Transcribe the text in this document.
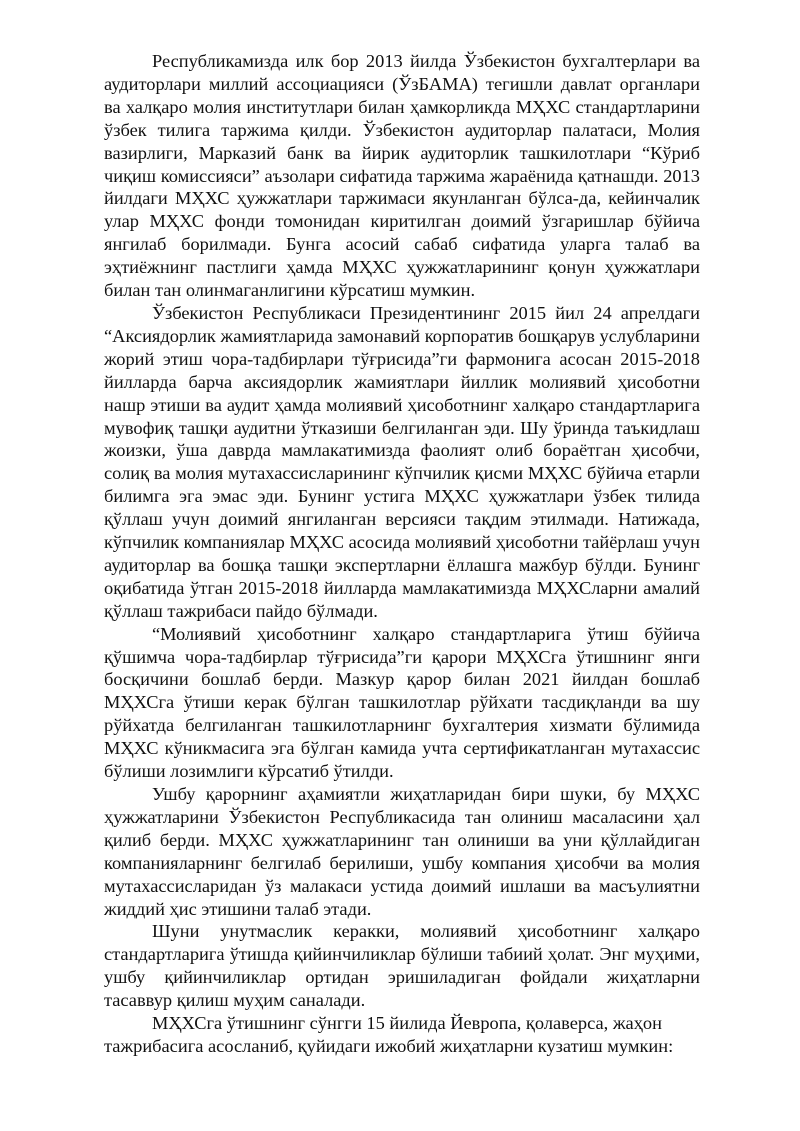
Республикамизда илк бор 2013 йилда Ўзбекистон бухгалтерлари ва аудиторлари миллий ассоциацияси (ЎзБАМА) тегишли давлат органлари ва халқаро молия институтлари билан ҳамкорликда МҲХС стандартларини ўзбек тилига таржима қилди. Ўзбекистон аудиторлар палатаси, Молия вазирлиги, Марказий банк ва йирик аудиторлик ташкилотлари “Кўриб чиқиш комиссияси” аъзолари сифатида таржима жараёнида қатнашди. 2013 йилдаги МҲХС ҳужжатлари таржимаси якунланган бўлса-да, кейинчалик улар МҲХС фонди томонидан киритилган доимий ўзгаришлар бўйича янгилаб борилмади. Бунга асосий сабаб сифатида уларга талаб ва эҳтиёжнинг пастлиги ҳамда МҲХС ҳужжатларининг қонун ҳужжатлари билан тан олинмаганлигини кўрсатиш мумкин.

Ўзбекистон Республикаси Президентининг 2015 йил 24 апрелдаги “Аксиядорлик жамиятларида замонавий корпоратив бошқарув услубларини жорий этиш чора-тадбирлари тўғрисида”ги фармонига асосан 2015-2018 йилларда барча аксиядорлик жамиятлари йиллик молиявий ҳисоботни нашр этиши ва аудит ҳамда молиявий ҳисоботнинг халқаро стандартларига мувофиқ ташқи аудитни ўтказиши белгиланган эди. Шу ўринда таъкидлаш жоизки, ўша даврда мамлакатимизда фаолият олиб бораётган ҳисобчи, солиқ ва молия мутахассисларининг кўпчилик қисми МҲХС бўйича етарли билимга эга эмас эди. Бунинг устига МҲХС ҳужжатлари ўзбек тилида қўллаш учун доимий янгиланган версияси тақдим этилмади. Натижада, кўпчилик компаниялар МҲХС асосида молиявий ҳисоботни тайёрлаш учун аудиторлар ва бошқа ташқи экспертларни ёллашга мажбур бўлди. Бунинг оқибатида ўтган 2015-2018 йилларда мамлакатимизда МҲХСларни амалий қўллаш тажрибаси пайдо бўлмади.

“Молиявий ҳисоботнинг халқаро стандартларига ўтиш бўйича қўшимча чора-тадбирлар тўғрисида”ги қарори МҲХСга ўтишнинг янги босқичини бошлаб берди. Мазкур қарор билан 2021 йилдан бошлаб МҲХСга ўтиши керак бўлган ташкилотлар рўйхати тасдиқланди ва шу рўйхатда белгиланган ташкилотларнинг бухгалтерия хизмати бўлимида МҲХС кўникмасига эга бўлган камида учта сертификатланган мутахассис бўлиши лозимлиги кўрсатиб ўтилди.

Ушбу қарорнинг аҳамиятли жиҳатларидан бири шуки, бу МҲХС ҳужжатларини Ўзбекистон Республикасида тан олиниш масаласини ҳал қилиб берди. МҲХС ҳужжатларининг тан олиниши ва уни қўллайдиган компанияларнинг белгилаб берилиши, ушбу компания ҳисобчи ва молия мутахассисларидан ўз малакаси устида доимий ишлаши ва масъулиятни жиддий ҳис этишини талаб этади.

Шуни унутмаслик керакки, молиявий ҳисоботнинг халқаро стандартларига ўтишда қийинчиликлар бўлиши табиий ҳолат. Энг муҳими, ушбу қийинчиликлар ортидан эришиладиган фойдали жиҳатларни тасаввур қилиш муҳим саналади.

МҲХСга ўтишнинг сўнгги 15 йилида Йевропа, қолаверса, жаҳон тажрибасига асосланиб, қуйидаги ижобий жиҳатларни кузатиш мумкин:
